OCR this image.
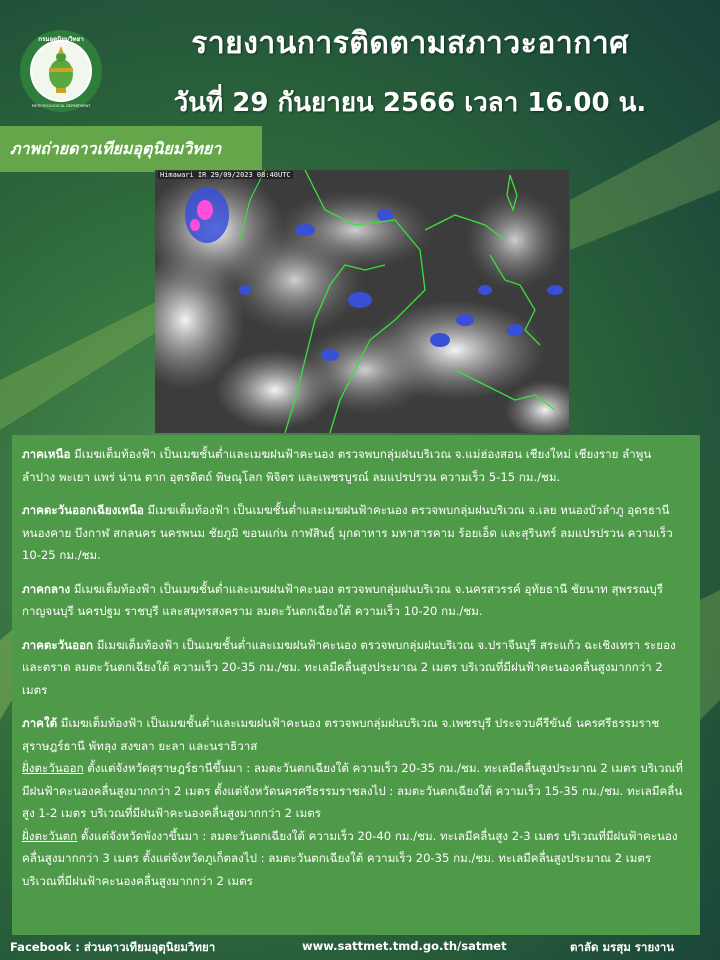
กรมอุตุนิยมวิทยา
METEOROLOGICAL DEPARTMENT
รายงานการติดตามสภาวะอากาศ
วันที่ 29 กันยายน 2566 เวลา 16.00 น.
ภาพถ่ายดาวเทียมอุตุนิยมวิทยา
Himawari IR 29/09/2023 08:40UTC

ภาคเหนือ มีเมฆเต็มท้องฟ้า เป็นเมฆชั้นต่ำและเมฆฝนฟ้าคะนอง ตรวจพบกลุ่มฝนบริเวณ จ.แม่ฮ่องสอน เชียงใหม่ เชียงราย ลำพูน ลำปาง พะเยา แพร่ น่าน ตาก อุตรดิตถ์ พิษณุโลก พิจิตร และเพชรบูรณ์ ลมแปรปรวน ความเร็ว 5-15 กม./ชม.

ภาคตะวันออกเฉียงเหนือ มีเมฆเต็มท้องฟ้า เป็นเมฆชั้นต่ำและเมฆฝนฟ้าคะนอง ตรวจพบกลุ่มฝนบริเวณ จ.เลย หนองบัวลำภู อุดรธานี หนองคาย บึงกาฬ สกลนคร นครพนม ชัยภูมิ ขอนแก่น กาฬสินธุ์ มุกดาหาร มหาสารคาม ร้อยเอ็ด และสุรินทร์ ลมแปรปรวน ความเร็ว 10-25 กม./ชม.

ภาคกลาง มีเมฆเต็มท้องฟ้า เป็นเมฆชั้นต่ำและเมฆฝนฟ้าคะนอง ตรวจพบกลุ่มฝนบริเวณ จ.นครสวรรค์ อุทัยธานี ชัยนาท สุพรรณบุรี กาญจนบุรี นครปฐม ราชบุรี และสมุทรสงคราม ลมตะวันตกเฉียงใต้ ความเร็ว 10-20 กม./ชม.

ภาคตะวันออก มีเมฆเต็มท้องฟ้า เป็นเมฆชั้นต่ำและเมฆฝนฟ้าคะนอง ตรวจพบกลุ่มฝนบริเวณ จ.ปราจีนบุรี สระแก้ว ฉะเชิงเทรา ระยอง และตราด ลมตะวันตกเฉียงใต้ ความเร็ว 20-35 กม./ชม. ทะเลมีคลื่นสูงประมาณ 2 เมตร บริเวณที่มีฝนฟ้าคะนองคลื่นสูงมากกว่า 2 เมตร

ภาคใต้ มีเมฆเต็มท้องฟ้า เป็นเมฆชั้นต่ำและเมฆฝนฟ้าคะนอง ตรวจพบกลุ่มฝนบริเวณ จ.เพชรบุรี ประจวบคีรีขันธ์ นครศรีธรรมราช สุราษฎร์ธานี พัทลุง สงขลา ยะลา และนราธิวาส
ฝั่งตะวันออก ตั้งแต่จังหวัดสุราษฎร์ธานีขึ้นมา : ลมตะวันตกเฉียงใต้ ความเร็ว 20-35 กม./ชม. ทะเลมีคลื่นสูงประมาณ 2 เมตร บริเวณที่มีฝนฟ้าคะนองคลื่นสูงมากกว่า 2 เมตร ตั้งแต่จังหวัดนครศรีธรรมราชลงไป : ลมตะวันตกเฉียงใต้ ความเร็ว 15-35 กม./ชม. ทะเลมีคลื่นสูง 1-2 เมตร บริเวณที่มีฝนฟ้าคะนองคลื่นสูงมากกว่า 2 เมตร
ฝั่งตะวันตก ตั้งแต่จังหวัดพังงาขึ้นมา : ลมตะวันตกเฉียงใต้ ความเร็ว 20-40 กม./ชม. ทะเลมีคลื่นสูง 2-3 เมตร บริเวณที่มีฝนฟ้าคะนองคลื่นสูงมากกว่า 3 เมตร ตั้งแต่จังหวัดภูเก็ตลงไป : ลมตะวันตกเฉียงใต้ ความเร็ว 20-35 กม./ชม. ทะเลมีคลื่นสูงประมาณ 2 เมตร บริเวณที่มีฝนฟ้าคะนองคลื่นสูงมากกว่า 2 เมตร

Facebook : ส่วนดาวเทียมอุตุนิยมวิทยา	www.sattmet.tmd.go.th/satmet	ตาลัด มรสุม รายงาน
